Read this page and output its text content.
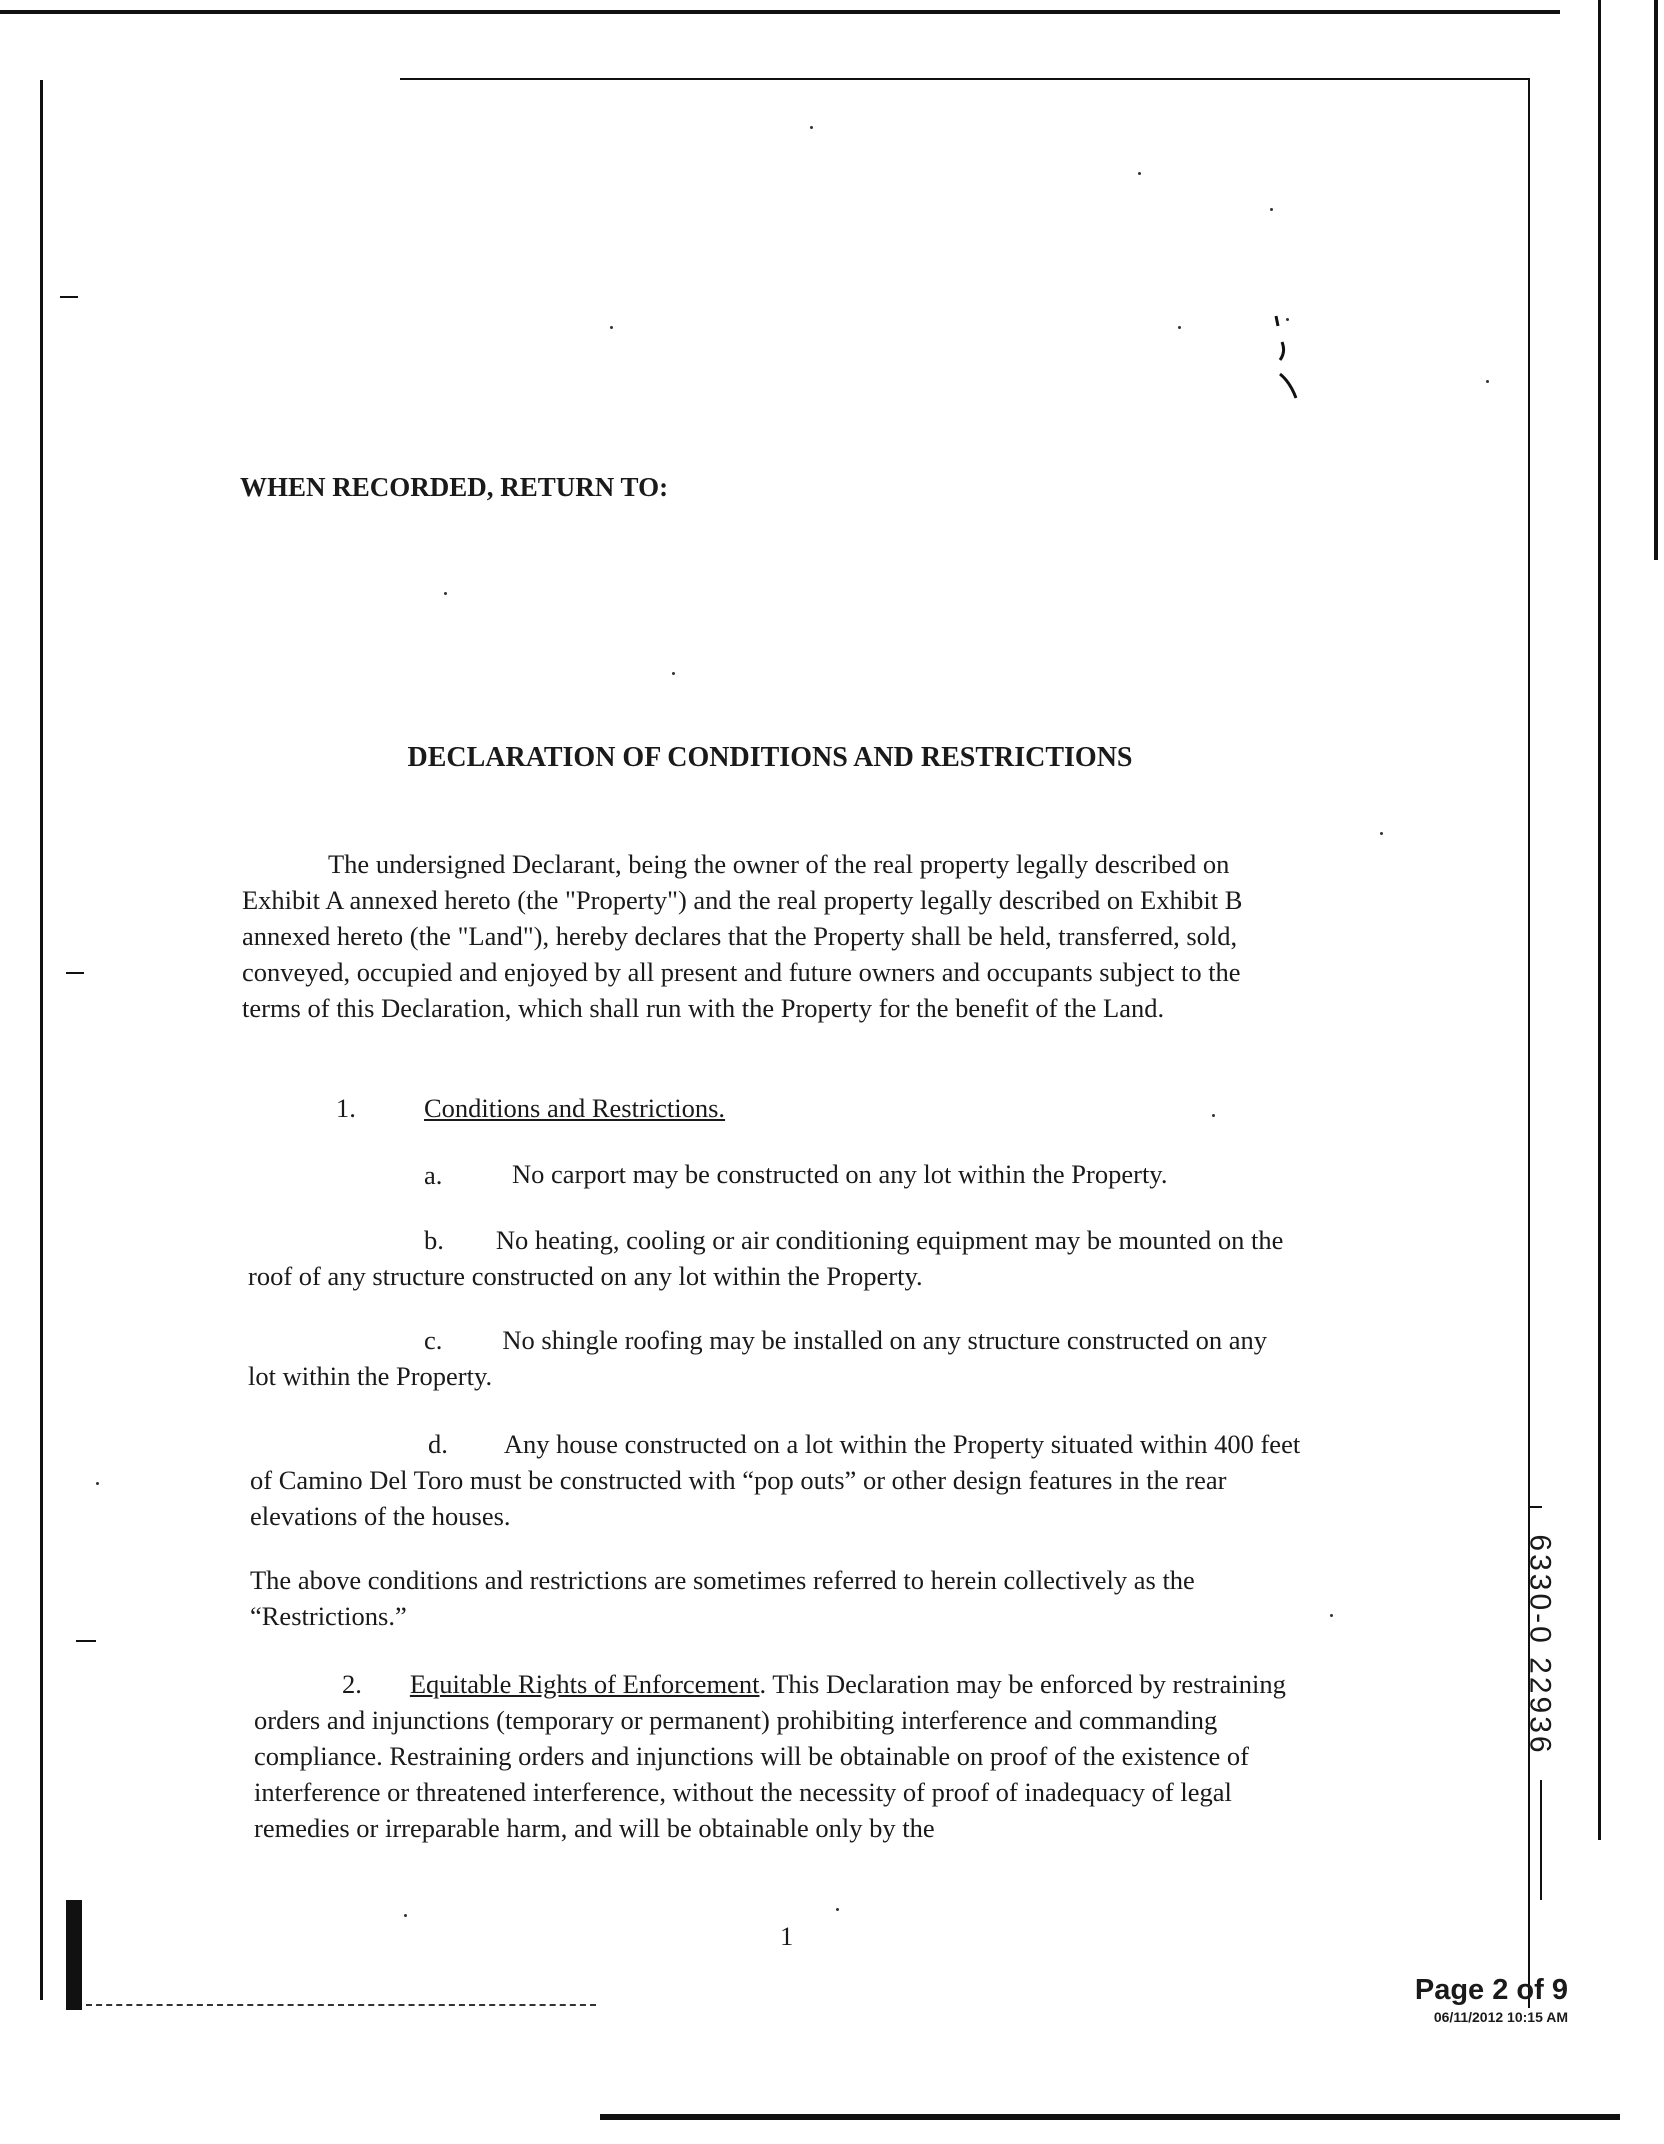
WHEN RECORDED, RETURN TO:
DECLARATION OF CONDITIONS AND RESTRICTIONS
The undersigned Declarant, being the owner of the real property legally described on Exhibit A annexed hereto (the "Property") and the real property legally described on Exhibit B annexed hereto (the "Land"), hereby declares that the Property shall be held, transferred, sold, conveyed, occupied and enjoyed by all present and future owners and occupants subject to the terms of this Declaration, which shall run with the Property for the benefit of the Land.
1.	Conditions and Restrictions.
a.	No carport may be constructed on any lot within the Property.
b. No heating, cooling or air conditioning equipment may be mounted on the roof of any structure constructed on any lot within the Property.
c. No shingle roofing may be installed on any structure constructed on any lot within the Property.
d. Any house constructed on a lot within the Property situated within 400 feet of Camino Del Toro must be constructed with “pop outs” or other design features in the rear elevations of the houses.
The above conditions and restrictions are sometimes referred to herein collectively as the “Restrictions.”
2. Equitable Rights of Enforcement. This Declaration may be enforced by restraining orders and injunctions (temporary or permanent) prohibiting interference and commanding compliance. Restraining orders and injunctions will be obtainable on proof of the existence of interference or threatened interference, without the necessity of proof of inadequacy of legal remedies or irreparable harm, and will be obtainable only by the
1
6330-0 22936
Page 2 of 9
06/11/2012 10:15 AM
